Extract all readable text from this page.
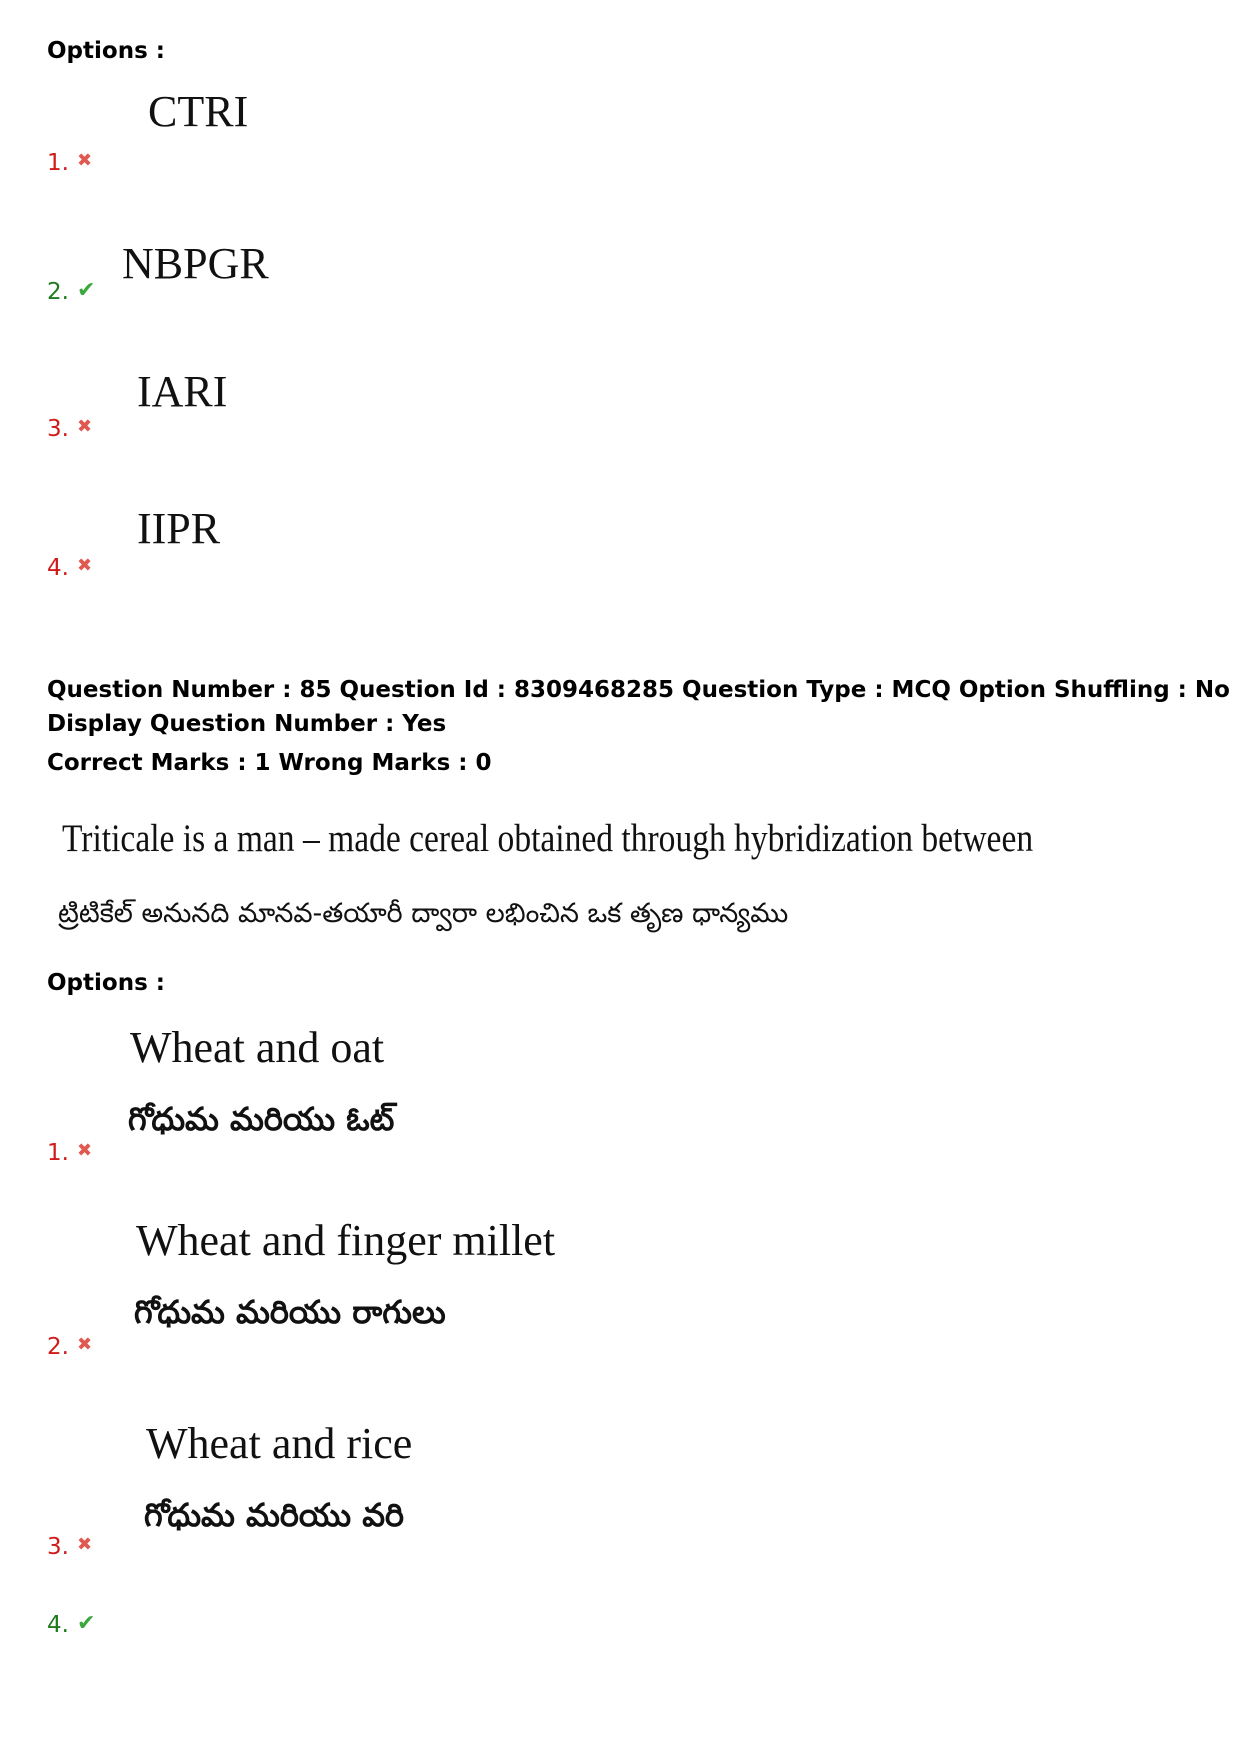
Options :
CTRI
1. ✖
NBPGR
2. ✔
IARI
3. ✖
IIPR
4. ✖
Question Number : 85 Question Id : 8309468285 Question Type : MCQ Option Shuffling : No
Display Question Number : Yes
Correct Marks : 1 Wrong Marks : 0
Triticale is a man – made cereal obtained through hybridization between
ట్రిటికేల్ అనునది మానవ-తయారీ ద్వారా లభించిన ఒక తృణ ధాన్యము
Options :
Wheat and oat
గోధుమ మరియు ఓట్
1. ✖
Wheat and finger millet
గోధుమ మరియు రాగులు
2. ✖
Wheat and rice
గోధుమ మరియు వరి
3. ✖
4. ✔
